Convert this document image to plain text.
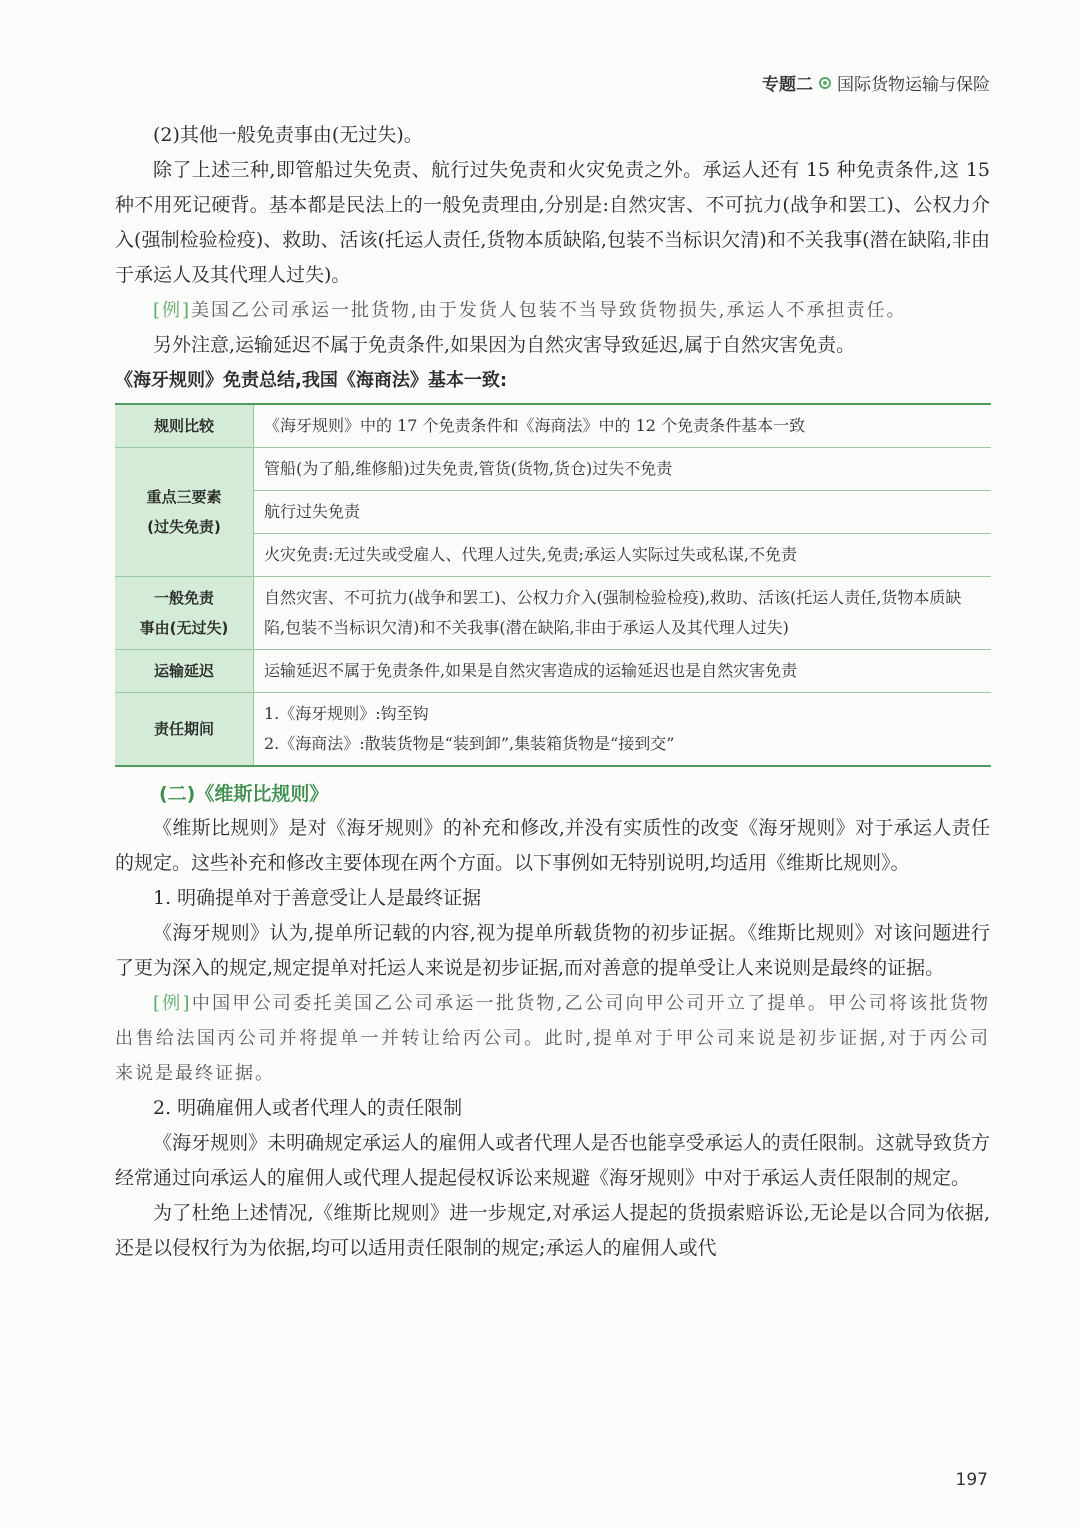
专题二 国际货物运输与保险

(2)其他一般免责事由(无过失)。

除了上述三种,即管船过失免责、航行过失免责和火灾免责之外。承运人还有 15 种免责条件,这 15 种不用死记硬背。基本都是民法上的一般免责理由,分别是:自然灾害、不可抗力(战争和罢工)、公权力介入(强制检验检疫)、救助、活该(托运人责任,货物本质缺陷,包装不当标识欠清)和不关我事(潜在缺陷,非由于承运人及其代理人过失)。

[例]美国乙公司承运一批货物,由于发货人包装不当导致货物损失,承运人不承担责任。

另外注意,运输延迟不属于免责条件,如果因为自然灾害导致延迟,属于自然灾害免责。

《海牙规则》免责总结,我国《海商法》基本一致:
规则比较	《海牙规则》中的 17 个免责条件和《海商法》中的 12 个免责条件基本一致

重点三要素
(过失免责)	管船(为了船,维修船)过失免责,管货(货物,货仓)过失不免责
	航行过失免责
	火灾免责:无过失或受雇人、代理人过失,免责;承运人实际过失或私谋,不免责

一般免责
事由(无过失)	自然灾害、不可抗力(战争和罢工)、公权力介入(强制检验检疫),救助、活该(托运人责任,货物本质缺陷,包装不当标识欠清)和不关我事(潜在缺陷,非由于承运人及其代理人过失)
运输延迟	运输延迟不属于免责条件,如果是自然灾害造成的运输延迟也是自然灾害免责
责任期间	1.《海牙规则》:钩至钩
2.《海商法》:散装货物是“装到卸”,集装箱货物是“接到交”
(二)《维斯比规则》

《维斯比规则》是对《海牙规则》的补充和修改,并没有实质性的改变《海牙规则》对于承运人责任的规定。这些补充和修改主要体现在两个方面。以下事例如无特别说明,均适用《维斯比规则》。

1. 明确提单对于善意受让人是最终证据

《海牙规则》认为,提单所记载的内容,视为提单所载货物的初步证据。《维斯比规则》对该问题进行了更为深入的规定,规定提单对托运人来说是初步证据,而对善意的提单受让人来说则是最终的证据。

[例]中国甲公司委托美国乙公司承运一批货物,乙公司向甲公司开立了提单。甲公司将该批货物出售给法国丙公司并将提单一并转让给丙公司。此时,提单对于甲公司来说是初步证据,对于丙公司来说是最终证据。

2. 明确雇佣人或者代理人的责任限制

《海牙规则》未明确规定承运人的雇佣人或者代理人是否也能享受承运人的责任限制。这就导致货方经常通过向承运人的雇佣人或代理人提起侵权诉讼来规避《海牙规则》中对于承运人责任限制的规定。

为了杜绝上述情况,《维斯比规则》进一步规定,对承运人提起的货损索赔诉讼,无论是以合同为依据,还是以侵权行为为依据,均可以适用责任限制的规定;承运人的雇佣人或代

197
